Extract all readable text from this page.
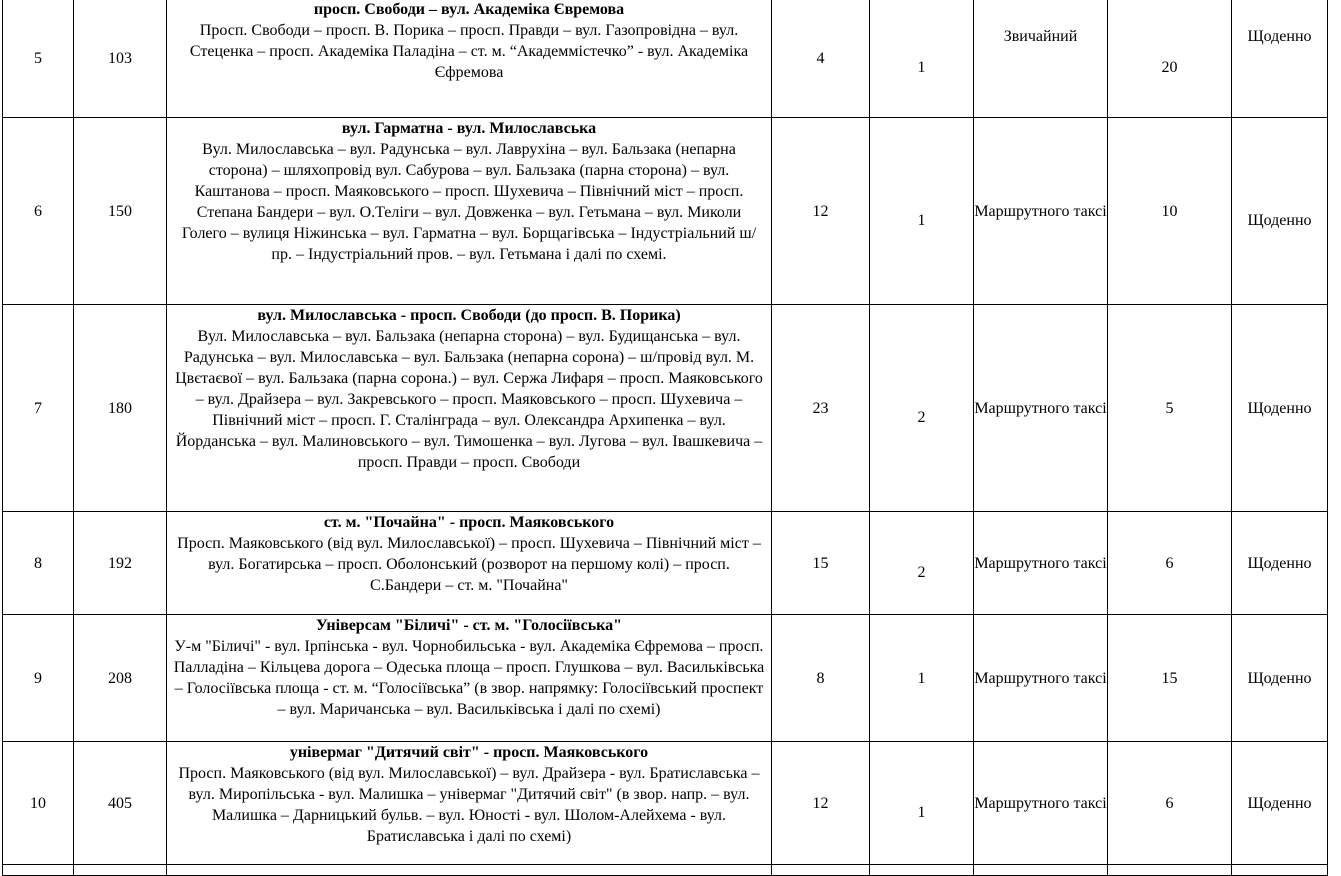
5	103	просп. Свободи – вул. Академіка Євремова
Просп. Свободи – просп. В. Порика – просп. Правди – вул. Газопровідна – вул. Стеценка – просп. Академіка Паладіна – ст. м. “Академмістечко” - вул. Академіка Єфремова	4	1	Звичайний	20	Щоденно
6	150	вул. Гарматна - вул. Милославська
Вул. Милославська – вул. Радунська – вул. Лаврухіна – вул. Бальзака (непарна сторона) – шляхопровід вул. Сабурова – вул. Бальзака (парна сторона) – вул. Каштанова – просп. Маяковського – просп. Шухевича – Північний міст – просп. Степана Бандери – вул. О.Теліги – вул. Довженка – вул. Гетьмана – вул. Миколи Голего – вулиця Ніжинська – вул. Гарматна – вул. Борщагівська – Індустріальний ш/пр. – Індустріальний пров. – вул. Гетьмана і далі по схемі.	12	1	Маршрутного таксі	10	Щоденно
7	180	вул. Милославська - просп. Свободи (до просп. В. Порика)
Вул. Милославська – вул. Бальзака (непарна сторона) – вул. Будищанська – вул. Радунська – вул. Милославська – вул. Бальзака (непарна сорона) – ш/провід вул. М. Цвєтаєвої – вул. Бальзака (парна сорона.) – вул. Сержа Лифаря – просп. Маяковського – вул. Драйзера – вул. Закревського – просп. Маяковського – просп. Шухевича – Північний міст – просп. Г. Сталінграда – вул. Олександра Архипенка – вул. Йорданська – вул. Малиновського – вул. Тимошенка – вул. Лугова – вул. Івашкевича – просп. Правди – просп. Свободи	23	2	Маршрутного таксі	5	Щоденно
8	192	ст. м. "Почайна" - просп. Маяковського
Просп. Маяковського (від вул. Милославської) – просп. Шухевича – Північний міст – вул. Богатирська – просп. Оболонський (розворот на першому колі) – просп. С.Бандери – ст. м. "Почайна"	15	2	Маршрутного таксі	6	Щоденно
9	208	Універсам "Біличі" - ст. м. "Голосіївська"
У-м "Біличі" - вул. Ірпінська - вул. Чорнобильська - вул. Академіка Єфремова – просп. Палладіна – Кільцева дорога – Одеська площа – просп. Глушкова – вул. Васильківська – Голосіївська площа - ст. м. “Голосіївська” (в звор. напрямку: Голосіївський проспект – вул. Маричанська – вул. Васильківська і далі по схемі)	8	1	Маршрутного таксі	15	Щоденно
10	405	універмаг "Дитячий світ" - просп. Маяковського
Просп. Маяковського (від вул. Милославської) – вул. Драйзера - вул. Братиславська – вул. Миропільська - вул. Малишка – універмаг "Дитячий світ" (в звор. напр. – вул. Малишка – Дарницький бульв. – вул. Юності - вул. Шолом-Алейхема - вул. Братиславська і далі по схемі)	12	1	Маршрутного таксі	6	Щоденно
